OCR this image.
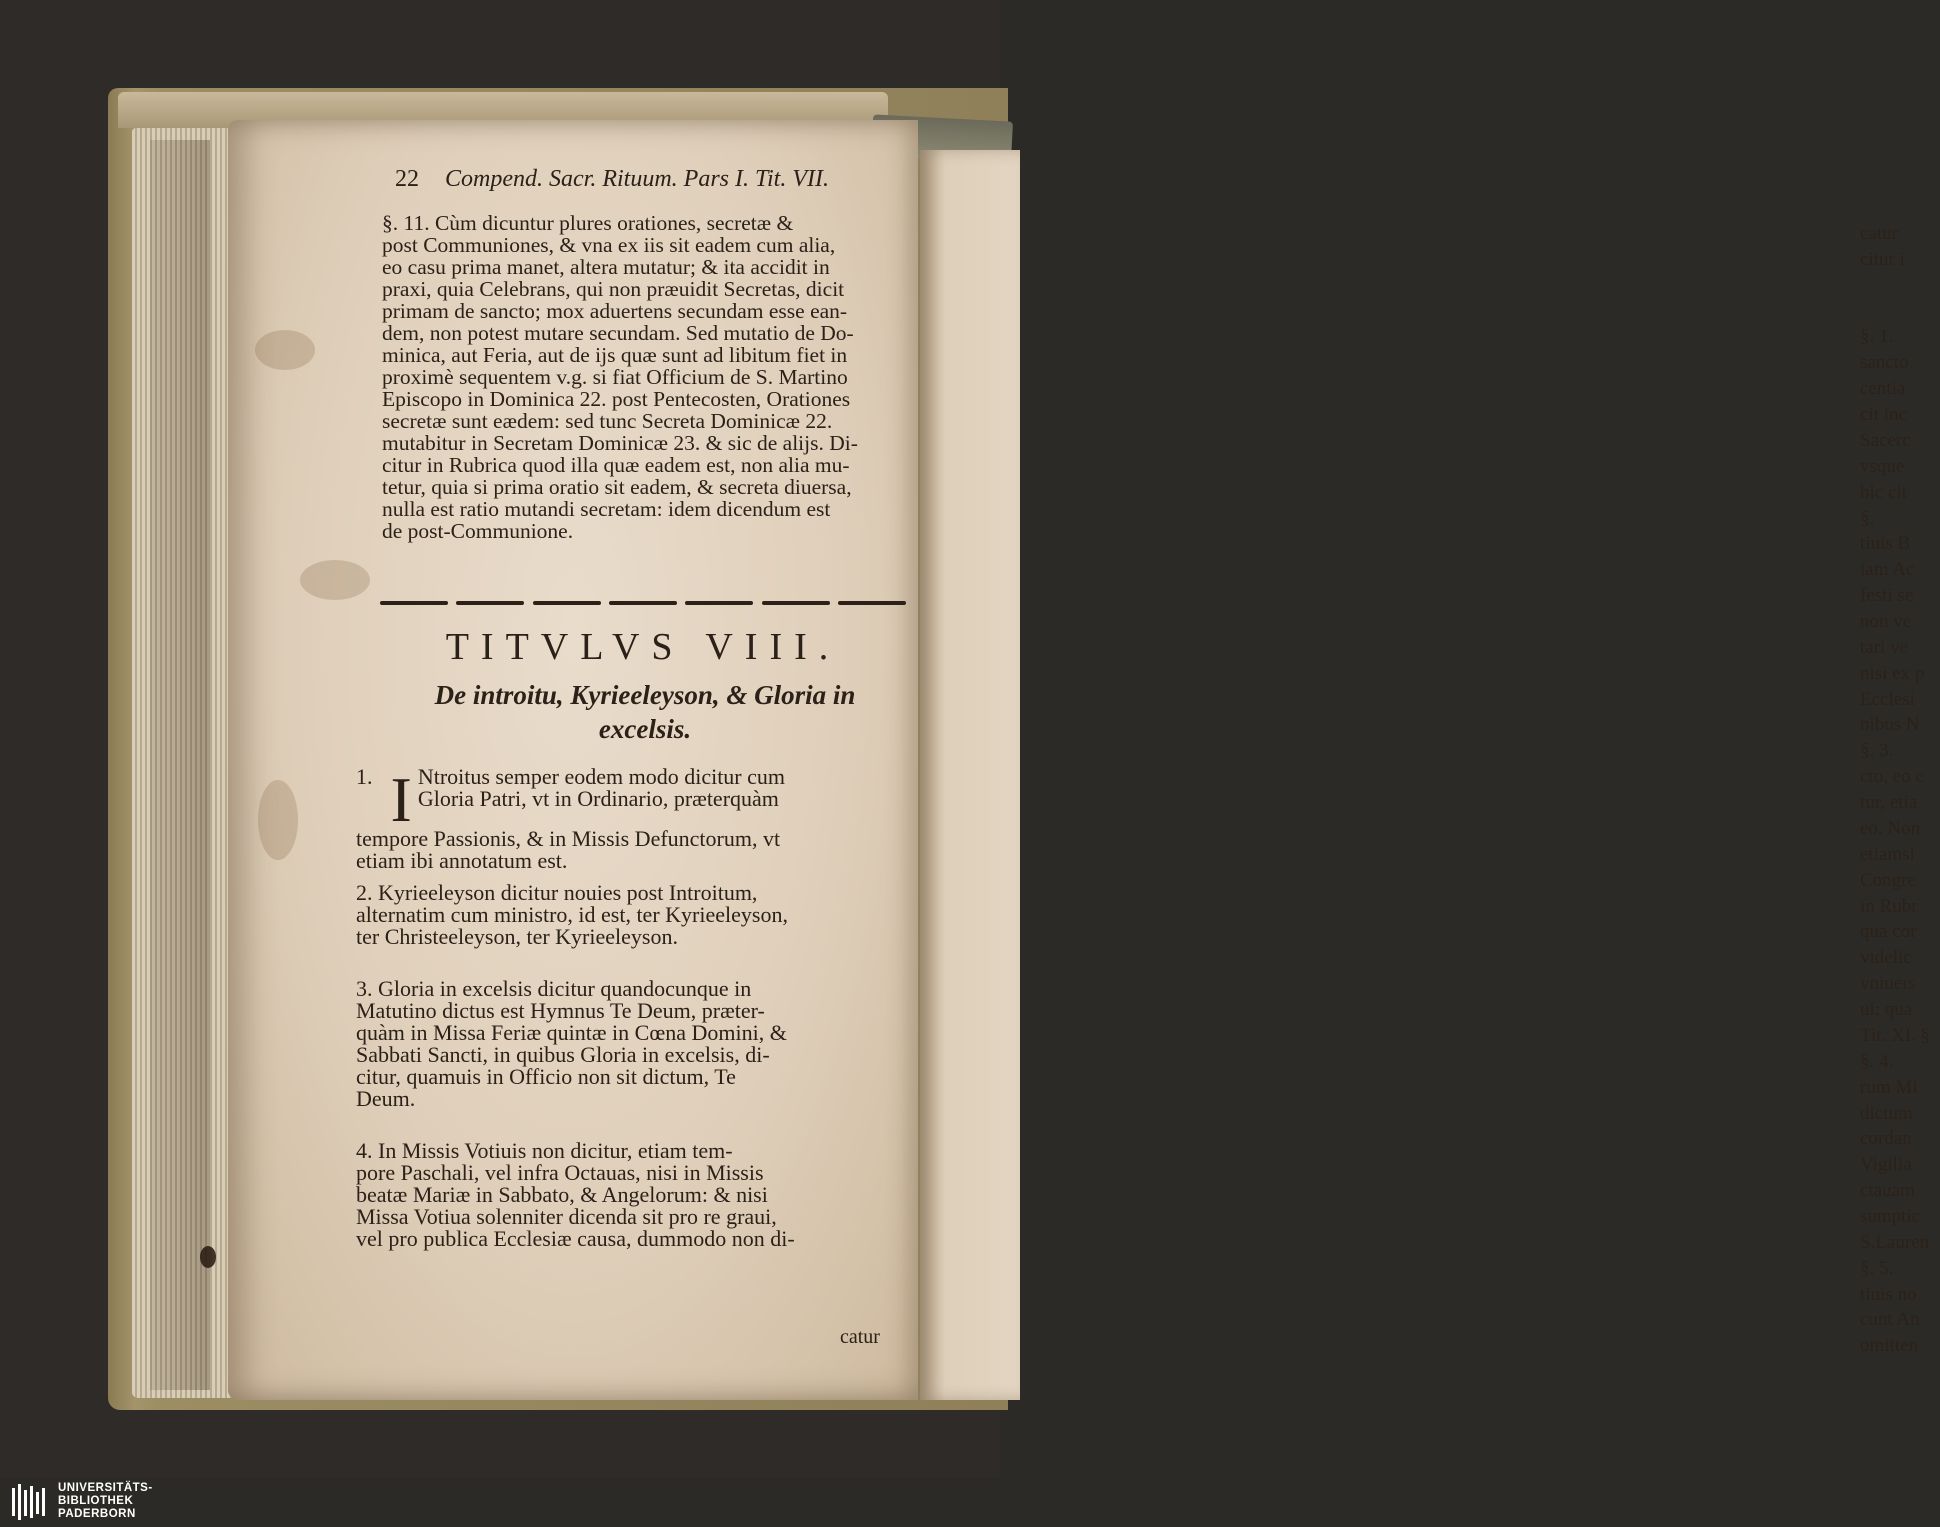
catur
citur i
§. 1.
sancto
centia
cit inc
Sacerc
vsque
hic cit
§.
tiuis B
iam Ac
festi se
non ve
tari ve
nisi ex p
Ecclesi
nibus N
§. 3.
cto, eo c
tur, etia
eo. Non
etiamsi
Congre
in Rubr
qua cor
videlic
vniuers
ui; qua
Tit. XI. §
§. 4.
rum Mi
dictum
cordan
Vigilia
ctauam
sumptic
S.Lauren
§. 5.
tiuis no
cunt An
omitten
22 Compend. Sacr. Rituum. Pars I. Tit. VII.
§. 11. Cùm dicuntur plures orationes, secretæ &
post Communiones, & vna ex iis sit eadem cum alia,
eo casu prima manet, altera mutatur; & ita accidit in
praxi, quia Celebrans, qui non præuidit Secretas, dicit
primam de sancto; mox aduertens secundam esse ean-
dem, non potest mutare secundam. Sed mutatio de Do-
minica, aut Feria, aut de ijs quæ sunt ad libitum fiet in
proximè sequentem v.g. si fiat Officium de S. Martino
Episcopo in Dominica 22. post Pentecosten, Orationes
secretæ sunt eædem: sed tunc Secreta Dominicæ 22.
mutabitur in Secretam Dominicæ 23. & sic de alijs. Di-
citur in Rubrica quod illa quæ eadem est, non alia mu-
tetur, quia si prima oratio sit eadem, & secreta diuersa,
nulla est ratio mutandi secretam: idem dicendum est
de post-Communione.
TITVLVS VIII.
De introitu, Kyrieeleyson, & Gloria in
excelsis.
1. I Ntroitus semper eodem modo dicitur cum
Gloria Patri, vt in Ordinario, præterquàm
tempore Passionis, & in Missis Defunctorum, vt
etiam ibi annotatum est.
2. Kyrieeleyson dicitur nouies post Introitum,
alternatim cum ministro, id est, ter Kyrieeleyson,
ter Christeeleyson, ter Kyrieeleyson.
3. Gloria in excelsis dicitur quandocunque in
Matutino dictus est Hymnus Te Deum, præter-
quàm in Missa Feriæ quintæ in Cœna Domini, &
Sabbati Sancti, in quibus Gloria in excelsis, di-
citur, quamuis in Officio non sit dictum, Te
Deum.
4. In Missis Votiuis non dicitur, etiam tem-
pore Paschali, vel infra Octauas, nisi in Missis
beatæ Mariæ in Sabbato, & Angelorum: & nisi
Missa Votiua solenniter dicenda sit pro re graui,
vel pro publica Ecclesiæ causa, dummodo non di-
catur
UNIVERSITÄTS-
BIBLIOTHEK
PADERBORN
